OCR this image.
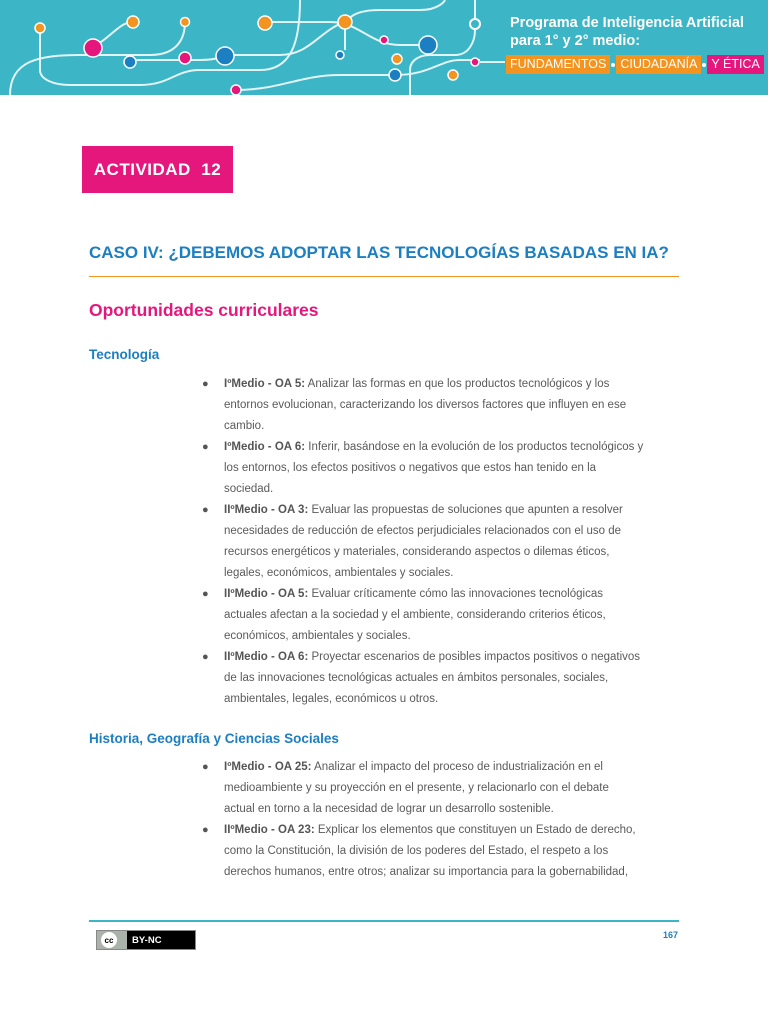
Programa de Inteligencia Artificial
para 1° y 2° medio:
FUNDAMENTOS	CIUDADANÍA	Y ÉTICA
ACTIVIDAD  12
CASO IV: ¿DEBEMOS ADOPTAR LAS TECNOLOGÍAS BASADAS EN IA?
Oportunidades curriculares
Tecnología
● IºMedio - OA 5: Analizar las formas en que los productos tecnológicos y los
entornos evolucionan, caracterizando los diversos factores que influyen en ese
cambio.
● IºMedio - OA 6: Inferir, basándose en la evolución de los productos tecnológicos y
los entornos, los efectos positivos o negativos que estos han tenido en la
sociedad.
● IIºMedio - OA 3: Evaluar las propuestas de soluciones que apunten a resolver
necesidades de reducción de efectos perjudiciales relacionados con el uso de
recursos energéticos y materiales, considerando aspectos o dilemas éticos,
legales, económicos, ambientales y sociales.
● IIºMedio - OA 5: Evaluar críticamente cómo las innovaciones tecnológicas
actuales afectan a la sociedad y el ambiente, considerando criterios éticos,
económicos, ambientales y sociales.
● IIºMedio - OA 6: Proyectar escenarios de posibles impactos positivos o negativos
de las innovaciones tecnológicas actuales en ámbitos personales, sociales,
ambientales, legales, económicos u otros.
Historia, Geografía y Ciencias Sociales
● IºMedio - OA 25: Analizar el impacto del proceso de industrialización en el
medioambiente y su proyección en el presente, y relacionarlo con el debate
actual en torno a la necesidad de lograr un desarrollo sostenible.
● IIºMedio - OA 23: Explicar los elementos que constituyen un Estado de derecho,
como la Constitución, la división de los poderes del Estado, el respeto a los
derechos humanos, entre otros; analizar su importancia para la gobernabilidad,
cc	BY-NC	167
